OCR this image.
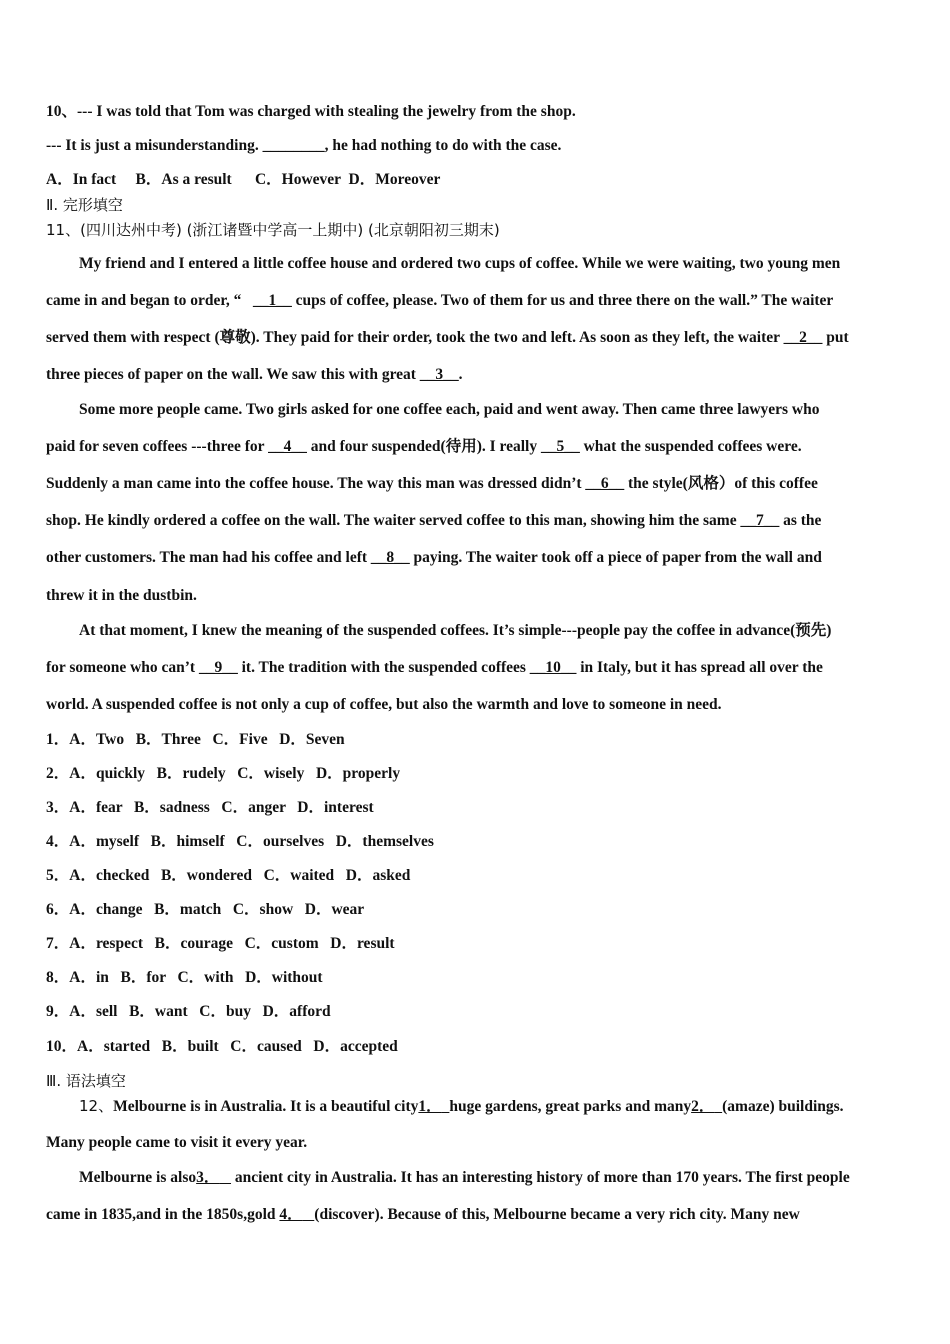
10、--- I was told that Tom was charged with stealing the jewelry from the shop.
--- It is just a misunderstanding. ________, he had nothing to do with the case.
A．In fact     B．As a result      C．However  D．Moreover
Ⅱ. 完形填空
11、(四川达州中考) (浙江诸暨中学高一上期中) (北京朝阳初三期末)
My friend and I entered a little coffee house and ordered two cups of coffee. While we were waiting, two young men
came in and began to order, “ __1__ cups of coffee, please. Two of them for us and three there on the wall.” The waiter
served them with respect (尊敬). They paid for their order, took the two and left. As soon as they left, the waiter __2__ put
three pieces of paper on the wall. We saw this with great __3__.
Some more people came. Two girls asked for one coffee each, paid and went away. Then came three lawyers who
paid for seven coffees ---three for __4__ and four suspended(待用). I really __5__ what the suspended coffees were.
Suddenly a man came into the coffee house. The way this man was dressed didn’t __6__ the style(风格）of this coffee
shop. He kindly ordered a coffee on the wall. The waiter served coffee to this man, showing him the same __7__ as the
other customers. The man had his coffee and left __8__ paying. The waiter took off a piece of paper from the wall and
threw it in the dustbin.
At that moment, I knew the meaning of the suspended coffees. It’s simple---people pay the coffee in advance(预先)
for someone who can’t __9__ it. The tradition with the suspended coffees __10__ in Italy, but it has spread all over the
world. A suspended coffee is not only a cup of coffee, but also the warmth and love to someone in need.
1．A．Two   B．Three   C．Five   D．Seven
2．A．quickly   B．rudely   C．wisely   D．properly
3．A．fear   B．sadness   C．anger   D．interest
4．A．myself   B．himself   C．ourselves   D．themselves
5．A．checked   B．wondered   C．waited   D．asked
6．A．change   B．match   C．show   D．wear
7．A．respect   B．courage   C．custom   D．result
8．A．in   B．for   C．with   D．without
9．A．sell   B．want   C．buy   D．afford
10．A．started   B．built   C．caused   D．accepted
Ⅲ. 语法填空
12、Melbourne is in Australia. It is a beautiful city1． huge gardens, great parks and many2． (amaze) buildings.
Many people came to visit it every year.
Melbourne is also3．    ancient city in Australia. It has an interesting history of more than 170 years. The first people
came in 1835,and in the 1850s,gold 4． (discover). Because of this, Melbourne became a very rich city. Many new
